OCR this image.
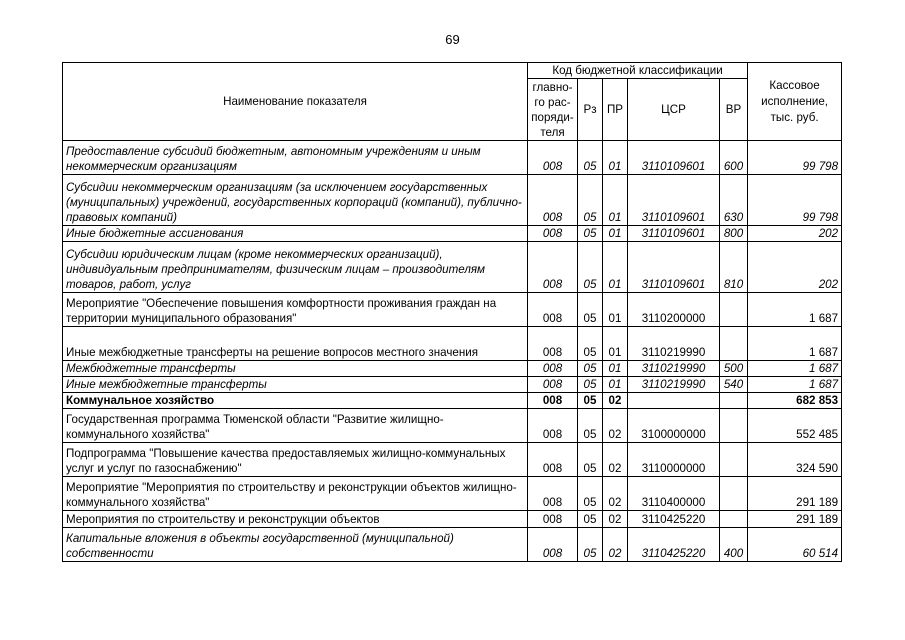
69
Наименование показателя	Код бюджетной классификации					Кассовое исполнение, тыс. руб.
	главно-го рас-поряди-теля	Рз	ПР	ЦСР	ВР	
Предоставление субсидий бюджетным, автономным учреждениям и иным некоммерческим организациям	008	05	01	3110109601	600	99 798
Субсидии некоммерческим организациям (за исключением государственных (муниципальных) учреждений, государственных корпораций (компаний), публично-правовых компаний)	008	05	01	3110109601	630	99 798
Иные бюджетные ассигнования	008	05	01	3110109601	800	202
Субсидии юридическим лицам (кроме некоммерческих организаций), индивидуальным предпринимателям, физическим лицам – производителям товаров, работ, услуг	008	05	01	3110109601	810	202
Мероприятие "Обеспечение повышения комфортности проживания граждан на территории муниципального образования"	008	05	01	3110200000		1 687
Иные межбюджетные трансферты на решение вопросов местного значения	008	05	01	3110219990		1 687
Межбюджетные трансферты	008	05	01	3110219990	500	1 687
Иные межбюджетные трансферты	008	05	01	3110219990	540	1 687
Коммунальное хозяйство	008	05	02			682 853
Государственная программа Тюменской области "Развитие жилищно-коммунального хозяйства"	008	05	02	3100000000		552 485
Подпрограмма "Повышение качества предоставляемых жилищно-коммунальных услуг и услуг по газоснабжению"	008	05	02	3110000000		324 590
Мероприятие "Мероприятия по строительству и реконструкции объектов жилищно-коммунального хозяйства"	008	05	02	3110400000		291 189
Мероприятия по строительству и реконструкции объектов	008	05	02	3110425220		291 189
Капитальные вложения в объекты государственной (муниципальной) собственности	008	05	02	3110425220	400	60 514
